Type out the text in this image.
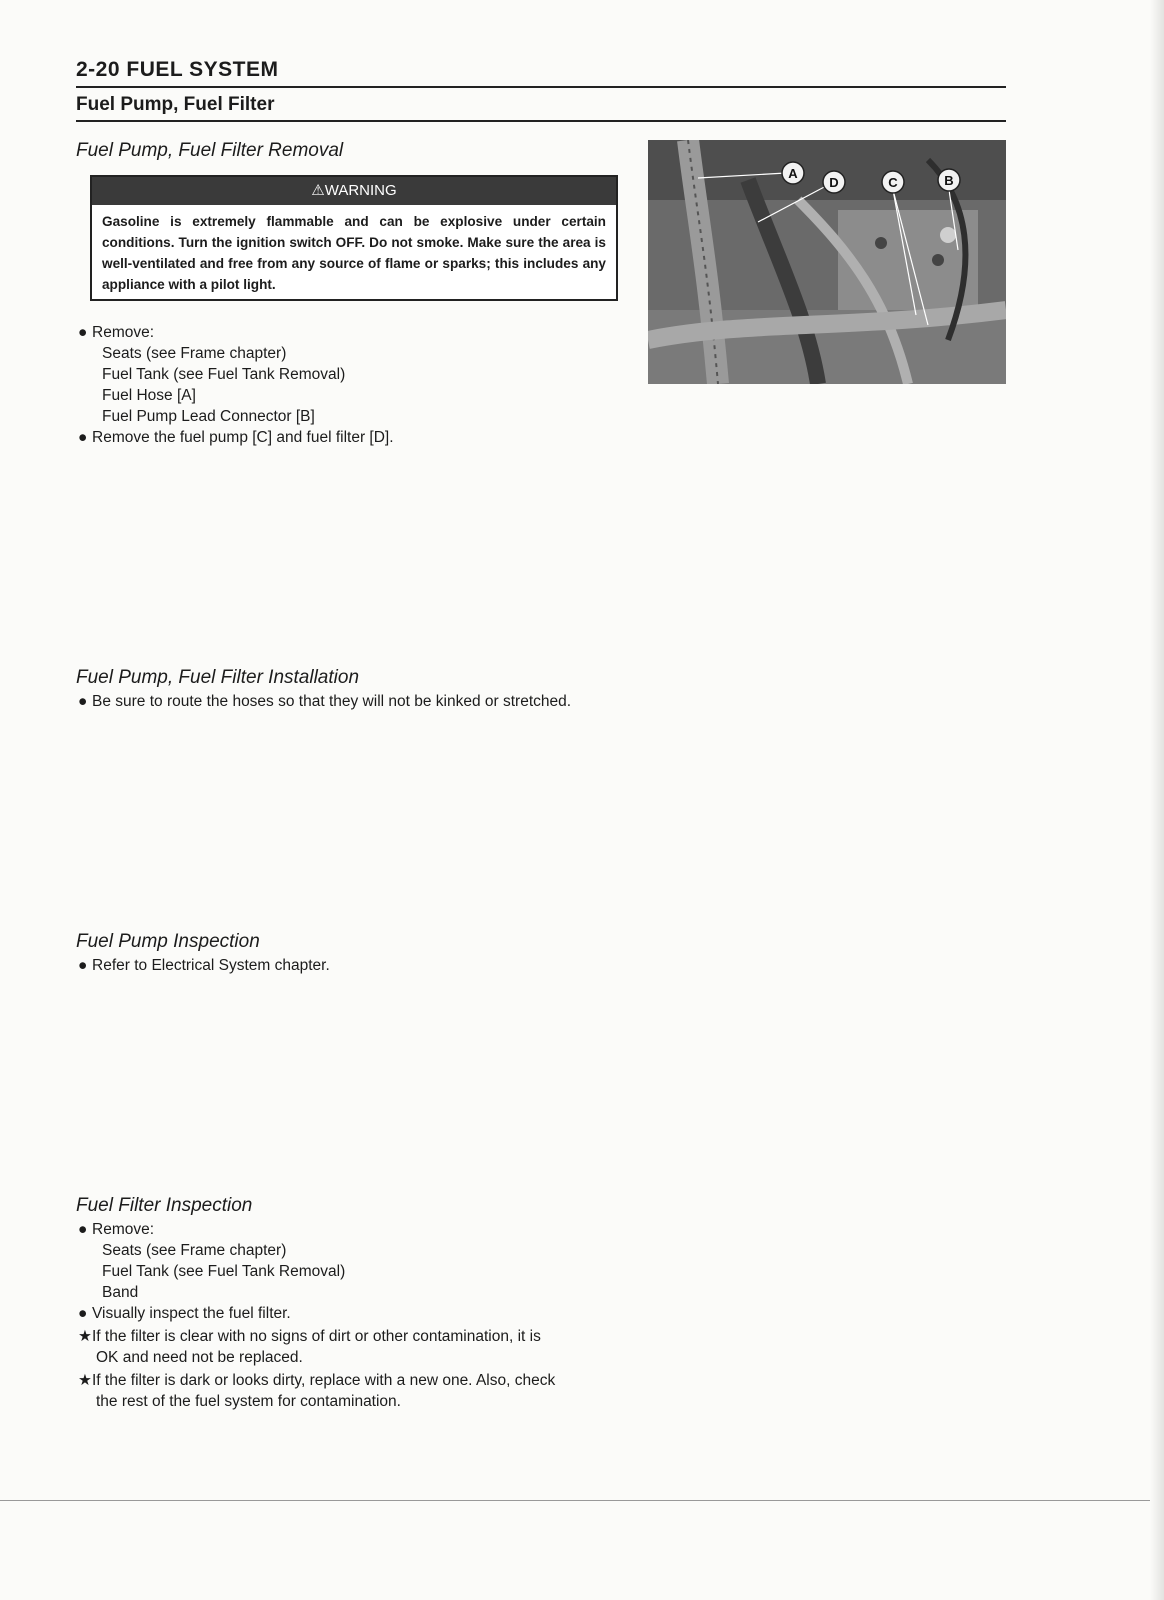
2-20 FUEL SYSTEM
Fuel Pump, Fuel Filter
Fuel Pump, Fuel Filter Removal
⚠WARNING
Gasoline is extremely flammable and can be explosive under certain conditions. Turn the ignition switch OFF. Do not smoke. Make sure the area is well-ventilated and free from any source of flame or sparks; this includes any appliance with a pilot light.
● Remove:
Seats (see Frame chapter)
Fuel Tank (see Fuel Tank Removal)
Fuel Hose [A]
Fuel Pump Lead Connector [B]
● Remove the fuel pump [C] and fuel filter [D].
A
D	C	B
Fuel Pump, Fuel Filter Installation
● Be sure to route the hoses so that they will not be kinked or stretched.
Fuel Pump Inspection
● Refer to Electrical System chapter.
Fuel Filter Inspection
● Remove:
Seats (see Frame chapter)
Fuel Tank (see Fuel Tank Removal)
Band
● Visually inspect the fuel filter.
★If the filter is clear with no signs of dirt or other contamination, it is
OK and need not be replaced.
★If the filter is dark or looks dirty, replace with a new one. Also, check
the rest of the fuel system for contamination.
